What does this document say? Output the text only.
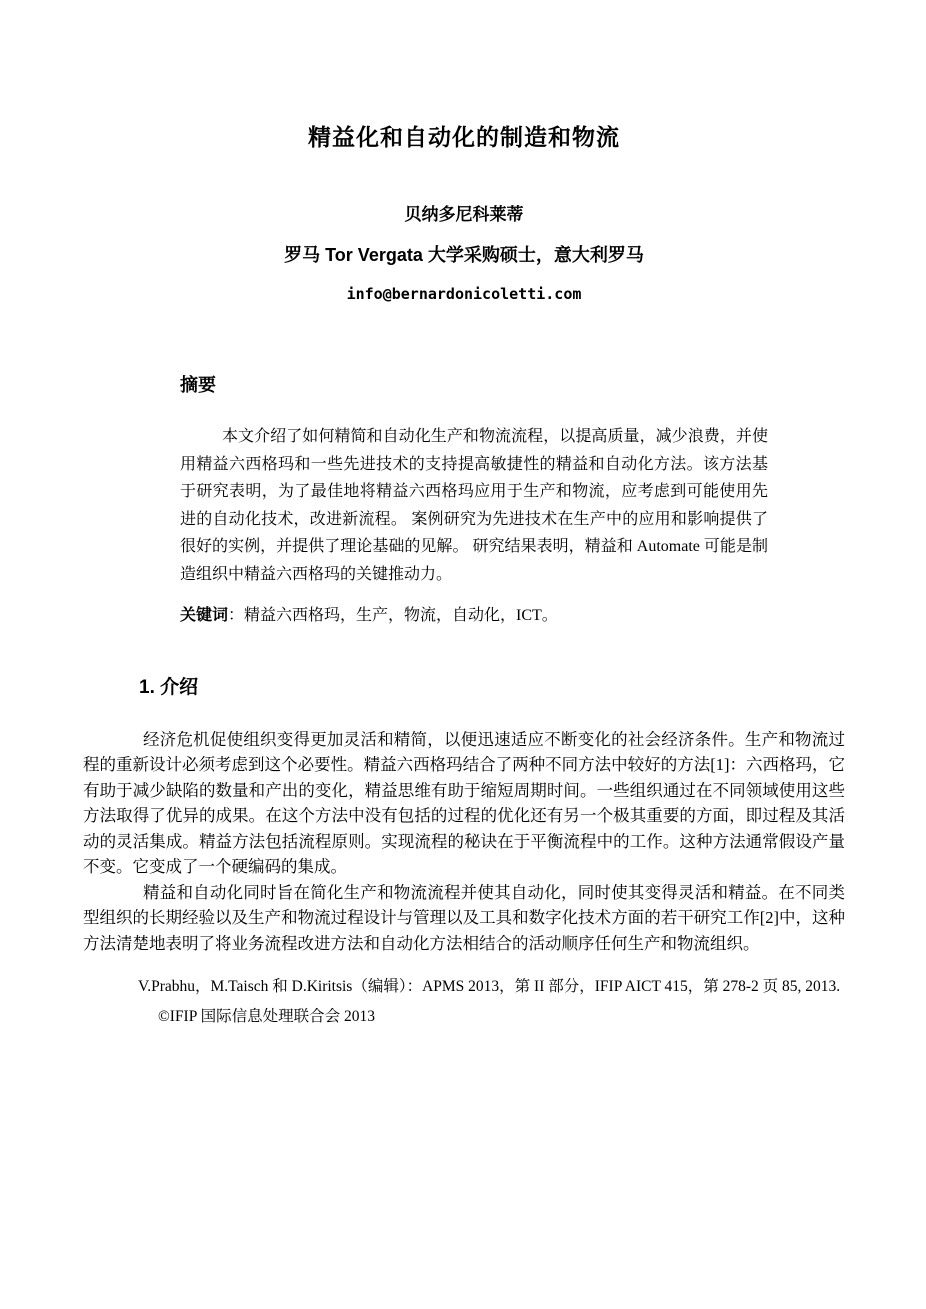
精益化和自动化的制造和物流
贝纳多尼科莱蒂
罗马 Tor Vergata 大学采购硕士，意大利罗马
info@bernardonicoletti.com
摘要

本文介绍了如何精简和自动化生产和物流流程，以提高质量，减少浪费，并使用精益六西格玛和一些先进技术的支持提高敏捷性的精益和自动化方法。该方法基于研究表明，为了最佳地将精益六西格玛应用于生产和物流，应考虑到可能使用先进的自动化技术，改进新流程。 案例研究为先进技术在生产中的应用和影响提供了很好的实例，并提供了理论基础的见解。 研究结果表明，精益和 Automate 可能是制造组织中精益六西格玛的关键推动力。

关键词：精益六西格玛，生产，物流，自动化，ICT。

1. 介绍

经济危机促使组织变得更加灵活和精简，以便迅速适应不断变化的社会经济条件。生产和物流过程的重新设计必须考虑到这个必要性。精益六西格玛结合了两种不同方法中较好的方法[1]：六西格玛，它有助于减少缺陷的数量和产出的变化，精益思维有助于缩短周期时间。一些组织通过在不同领域使用这些方法取得了优异的成果。在这个方法中没有包括的过程的优化还有另一个极其重要的方面，即过程及其活动的灵活集成。精益方法包括流程原则。实现流程的秘诀在于平衡流程中的工作。这种方法通常假设产量不变。它变成了一个硬编码的集成。

精益和自动化同时旨在简化生产和物流流程并使其自动化，同时使其变得灵活和精益。在不同类型组织的长期经验以及生产和物流过程设计与管理以及工具和数字化技术方面的若干研究工作[2]中，这种方法清楚地表明了将业务流程改进方法和自动化方法相结合的活动顺序任何生产和物流组织。

V.Prabhu，M.Taisch 和 D.Kiritsis（编辑）：APMS 2013，第 II 部分，IFIP AICT 415，第 278-2 页 85, 2013.

©IFIP 国际信息处理联合会 2013
